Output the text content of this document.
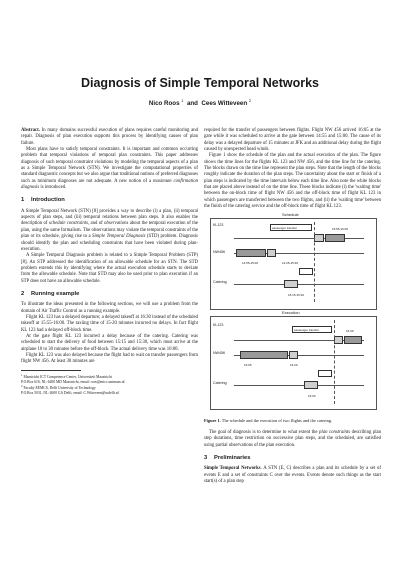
Diagnosis of Simple Temporal Networks
Nico Roos $^1$ and Cees Witteveen $^2$

Abstract. In many domains successful execution of plans requires careful monitoring and repair. Diagnosis of plan execution supports this process by identifying causes of plan failure.

Most plans have to satisfy temporal constraints. It is important and common occurring problem that temporal violations of temporal plan constraints. This paper addresses diagnosis of such temporal constraint violations by modeling the temporal aspects of a plan as a Simple Temporal Network (STN). We investigate the computational properties of standard diagnostic concepts but we also argue that traditional notions of preferred diagnoses such as minimum diagnoses are not adequate. A new notion of a maximum confirmation diagnosis is introduced.

1 Introduction

A Simple Temporal Network (STN) [8] provides a way to describe (i) a plan, (ii) temporal aspects of plan steps, and (iii) temporal relations between plan steps. It also enables the description of schedule constraints, and of observations about the temporal execution of the plan, using the same formalism. The observations may violate the temporal constraints of the plan or its schedule, giving rise to a Simple Temporal Diagnosis (STD) problem. Diagnosis should identify the plan and scheduling constraints that have been violated during plan-execution.

A Simple Temporal Diagnosis problem is related to a Simple Temporal Problem (STP) [8]. An STP addressed the identification of an allowable schedule for an STN. The STD problem extends this by identifying where the actual execution schedule starts to deviate from the allowable schedule. Note that STD may also be used prior to plan execution if an STP does not have an allowable schedule.

2 Running example

To illustrate the ideas presented in the following sections, we will use a problem from the domain of Air Traffic Control as a running example.

Flight KL 123 has a delayed departure; a delayed takeoff at 16:30 instead of the scheduled takeoff at 15:55-16:00. The taxiing time of 15-20 minutes incurred no delays. In fact flight KL 123 had a delayed off-block time.

At the gate flight KL 123 incurred a delay because of the catering. Catering was scheduled to start the delivery of food between 15:15 and 15:30, which must arrive at the airplane 10 to 30 minutes before the off-block. The actual delivery time was 16:00.

Flight KL 123 was also delayed because the flight had to wait on transfer passengers from flight NW 456. At least 30 minutes are

$^1$ Maastricht ICT Competence Center, Universiteit Maastricht
P.O.Box 616, NL-6200 MD Maastricht, email: roos@micc.unimaas.nl

$^2$ Faculty EEMCS, Delft University of Technology
P.O.Box 5031, NL-2600 GA Delft, email: C.Witteveen@tudelft.nl

required for the transfer of passengers between flights. Flight NW 456 arrived 16:05 at the gate while it was scheduled to arrive at the gate between 14:55 and 15:00. The cause of its delay was a delayed departure of 15 minutes at JFK and an additional delay during the flight caused by unexpected head winds.

Figure 1 show the schedule of the plan and the actual execution of the plan. The figure shows the time lines for the flights KL 123 and NW 456, and the time line for the catering. The blocks drawn on the time line represent the plan steps. Note that the length of the blocks roughly indicate the duration of the plan steps. The uncertainty about the start or finish of a plan steps is indicated by the time intervals below each time line. Also note the white blocks that are placed above instead of on the time line. These blocks indicate (i) the 'waiting time' between the on-block time of flight NW 456 and the off-block time of flight KL 123 in which passengers are transferred between the two flights, and (ii) the 'waiting time' between the finish of the catering service and the off-block time of flight KL 123.

Schedule
KL123
passenger transfer	15:55-16:00
NW456
14:55-15:00	14:25-15:30
Catering
15:15-15:30
Execution
KL123
passenger transfer	16:30
NW456
16:05	16:20
Catering
16:00

Figure 1. The schedule and the execution of two flights and the catering.

The goal of diagnosis is to determine to what extent the plan constraints describing plan step durations, time restriction on successive plan steps, and the scheduled, are satisfied using partial observations of the plan execution.

3 Preliminaries

Simple Temporal Networks. A STN (E, C) describes a plan and its schedule by a set of events E and a set of constraints C over the events. Events denote such things as the start start(s) of a plan step
